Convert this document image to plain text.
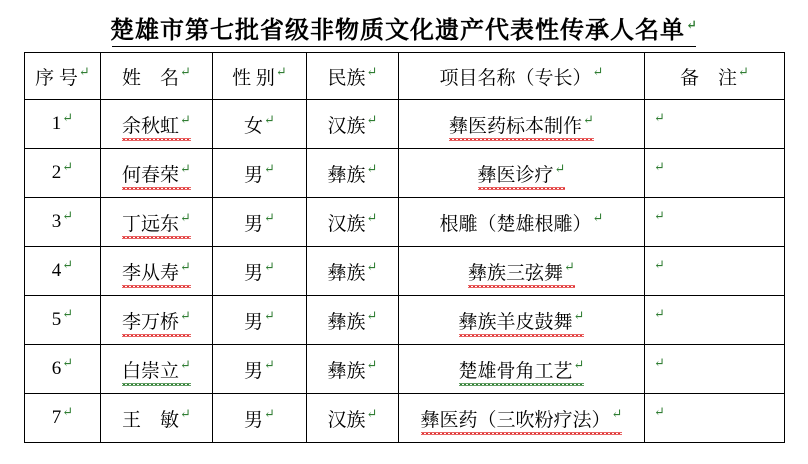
楚雄市第七批省级非物质文化遗产代表性传承人名单↵
序 号↵	姓　名↵	性 别↵	民族↵	项目名称（专长）↵	备　注↵
1↵	余秋虹↵	女↵	汉族↵	彝医药标本制作↵	↵
2↵	何春荣↵	男↵	彝族↵	彝医诊疗↵	↵
3↵	丁远东↵	男↵	汉族↵	根雕（楚雄根雕）↵	↵
4↵	李从寿↵	男↵	彝族↵	彝族三弦舞↵	↵
5↵	李万桥↵	男↵	彝族↵	彝族羊皮鼓舞↵	↵
6↵	白崇立↵	男↵	彝族↵	楚雄骨角工艺↵	↵
7↵	王　敏↵	男↵	汉族↵	彝医药（三吹粉疗法）↵	↵
